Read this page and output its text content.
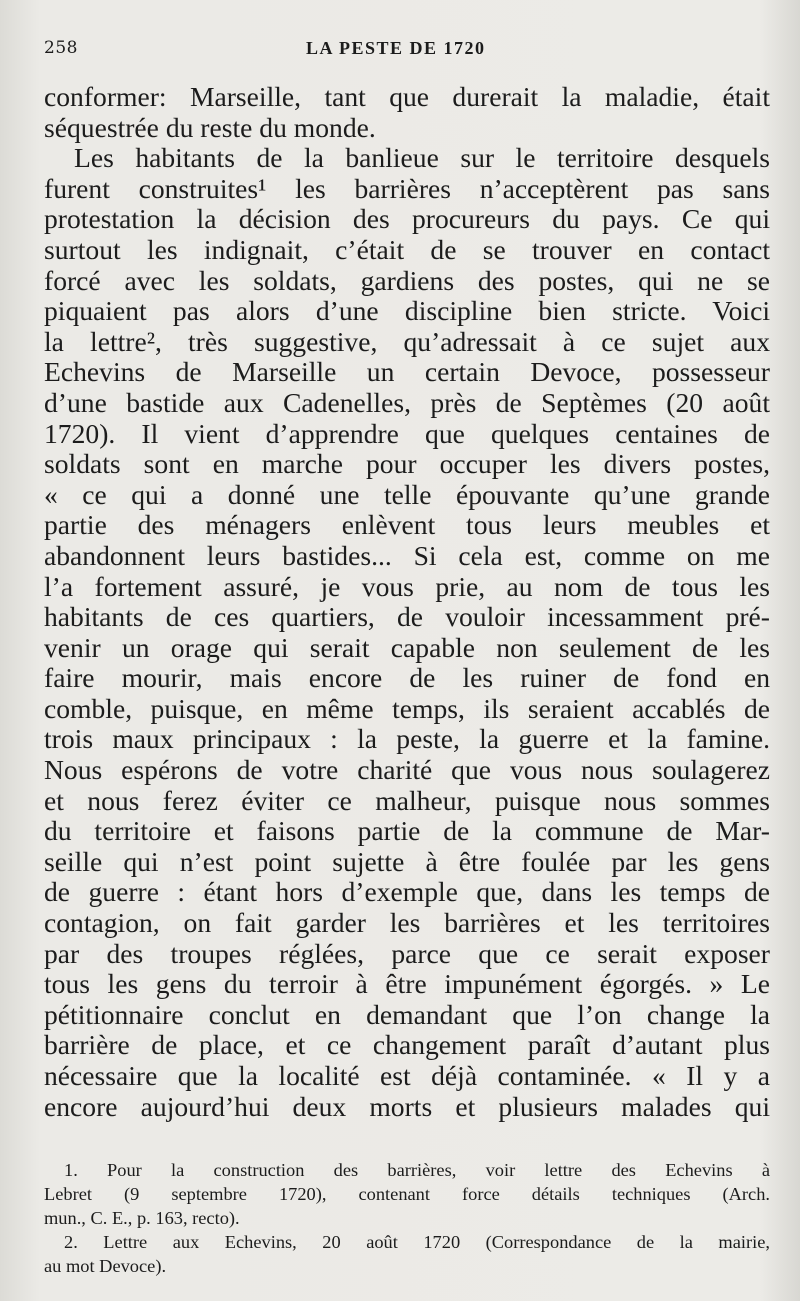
258	LA PESTE DE 1720
conformer: Marseille, tant que durerait la maladie, était
séquestrée du reste du monde.
Les habitants de la banlieue sur le territoire desquels
furent construites¹ les barrières n’acceptèrent pas sans
protestation la décision des procureurs du pays. Ce qui
surtout les indignait, c’était de se trouver en contact
forcé avec les soldats, gardiens des postes, qui ne se
piquaient pas alors d’une discipline bien stricte. Voici
la lettre², très suggestive, qu’adressait à ce sujet aux
Echevins de Marseille un certain Devoce, possesseur
d’une bastide aux Cadenelles, près de Septèmes (20 août
1720). Il vient d’apprendre que quelques centaines de
soldats sont en marche pour occuper les divers postes,
« ce qui a donné une telle épouvante qu’une grande
partie des ménagers enlèvent tous leurs meubles et
abandonnent leurs bastides... Si cela est, comme on me
l’a fortement assuré, je vous prie, au nom de tous les
habitants de ces quartiers, de vouloir incessamment pré-
venir un orage qui serait capable non seulement de les
faire mourir, mais encore de les ruiner de fond en
comble, puisque, en même temps, ils seraient accablés de
trois maux principaux : la peste, la guerre et la famine.
Nous espérons de votre charité que vous nous soulagerez
et nous ferez éviter ce malheur, puisque nous sommes
du territoire et faisons partie de la commune de Mar-
seille qui n’est point sujette à être foulée par les gens
de guerre : étant hors d’exemple que, dans les temps de
contagion, on fait garder les barrières et les territoires
par des troupes réglées, parce que ce serait exposer
tous les gens du terroir à être impunément égorgés. » Le
pétitionnaire conclut en demandant que l’on change la
barrière de place, et ce changement paraît d’autant plus
nécessaire que la localité est déjà contaminée. « Il y a
encore aujourd’hui deux morts et plusieurs malades qui
1. Pour la construction des barrières, voir lettre des Echevins à
Lebret (9 septembre 1720), contenant force détails techniques (Arch.
mun., C. E., p. 163, recto).
2. Lettre aux Echevins, 20 août 1720 (Correspondance de la mairie,
au mot Devoce).
